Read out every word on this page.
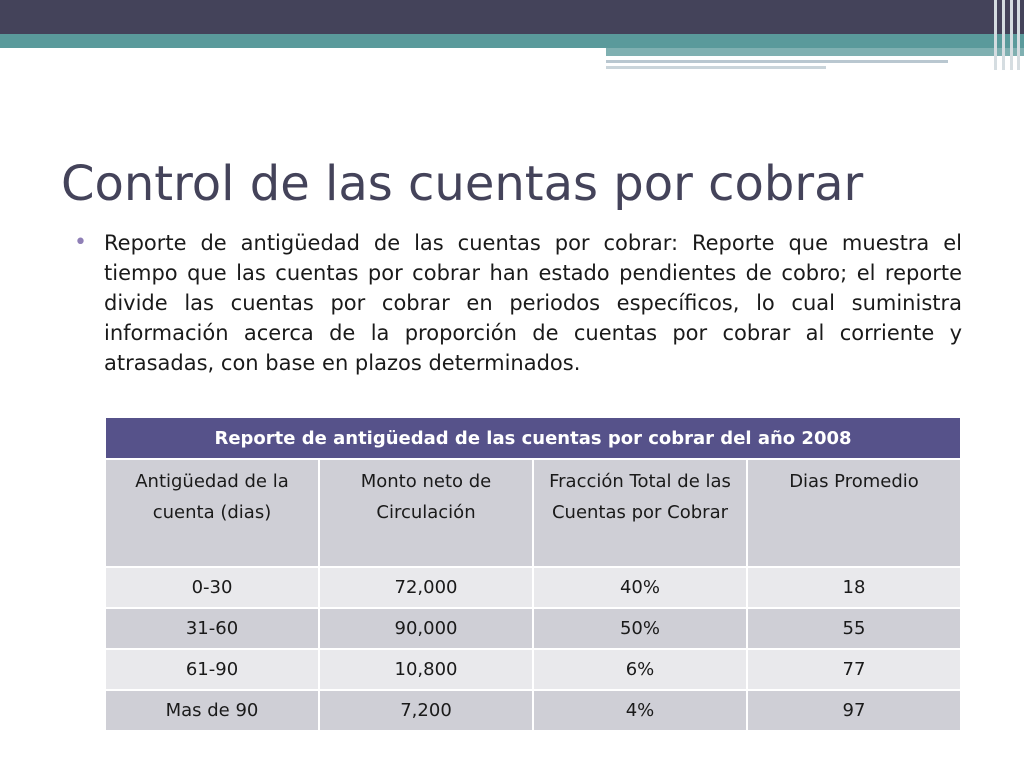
Control de las cuentas por cobrar
• Reporte de antigüedad de las cuentas por cobrar: Reporte que muestra el tiempo que las cuentas por cobrar han estado pendientes de cobro; el reporte divide las cuentas por cobrar en periodos específicos, lo cual suministra información acerca de la proporción de cuentas por cobrar al corriente y atrasadas, con base en plazos determinados.

Reporte de antigüedad de las cuentas por cobrar del año 2008			
Antigüedad de la cuenta (dias)	Monto neto de Circulación	Fracción Total de las Cuentas por Cobrar	Dias Promedio
0-30	72,000	40%	18
31-60	90,000	50%	55
61-90	10,800	6%	77
Mas de 90	7,200	4%	97
